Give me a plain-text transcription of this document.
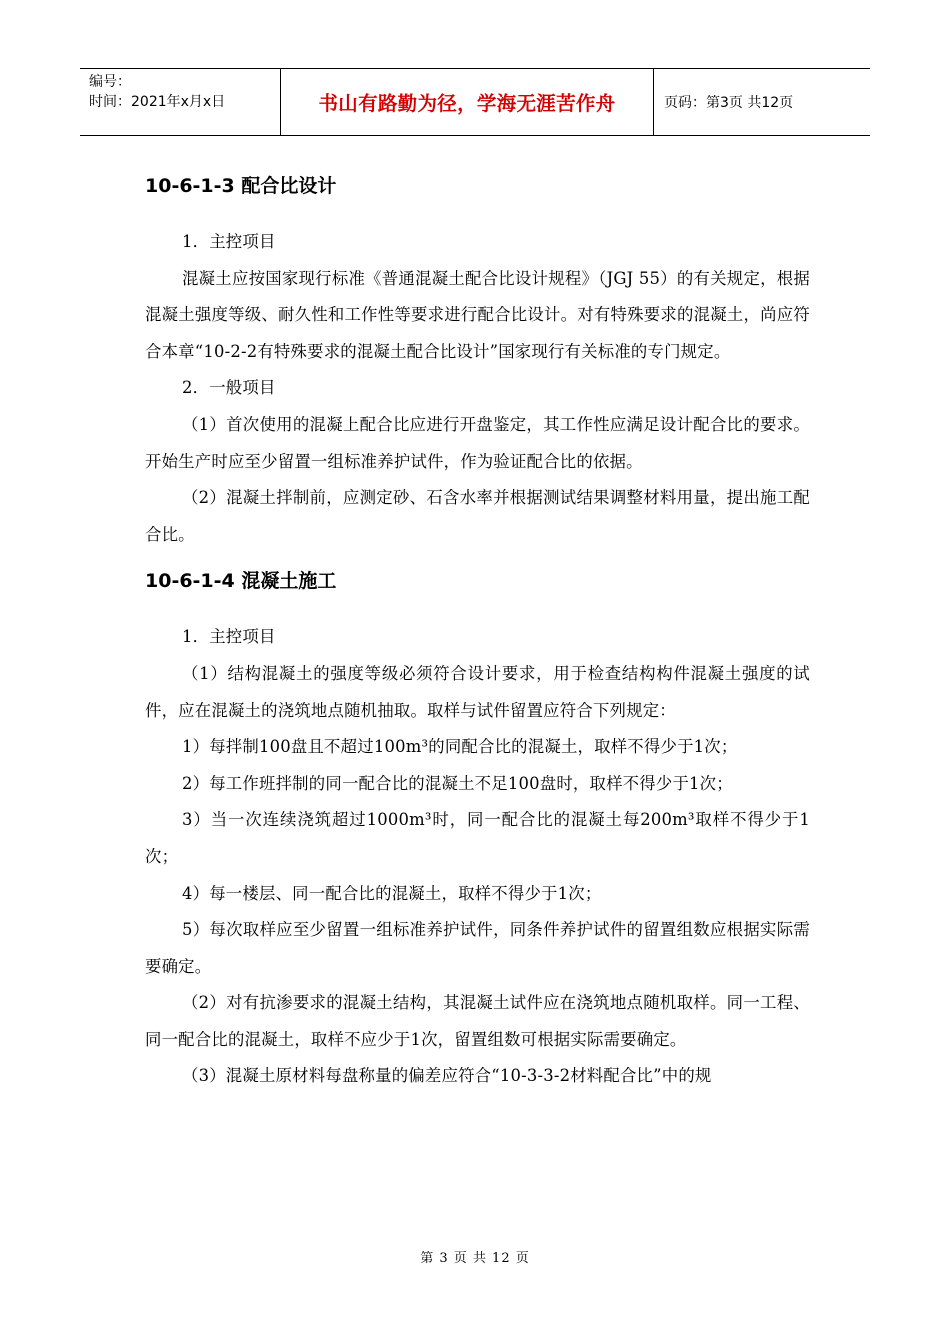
编号：
时间：2021年x月x日	书山有路勤为径，学海无涯苦作舟	页码：第3页 共12页
10-6-1-3 配合比设计

1．主控项目

混凝土应按国家现行标准《普通混凝土配合比设计规程》（JGJ 55）的有关规定，根据混凝土强度等级、耐久性和工作性等要求进行配合比设计。对有特殊要求的混凝土，尚应符合本章“10-2-2有特殊要求的混凝土配合比设计”国家现行有关标准的专门规定。

2．一般项目

（1）首次使用的混凝上配合比应进行开盘鉴定，其工作性应满足设计配合比的要求。开始生产时应至少留置一组标准养护试件，作为验证配合比的依据。

（2）混凝土拌制前，应测定砂、石含水率并根据测试结果调整材料用量，提出施工配合比。

10-6-1-4 混凝土施工

1．主控项目

（1）结构混凝土的强度等级必须符合设计要求，用于检查结构构件混凝土强度的试件，应在混凝土的浇筑地点随机抽取。取样与试件留置应符合下列规定：

1）每拌制100盘且不超过100m³的同配合比的混凝土，取样不得少于1次；

2）每工作班拌制的同一配合比的混凝土不足100盘时，取样不得少于1次；

3）当一次连续浇筑超过1000m³时，同一配合比的混凝土每200m³取样不得少于1次；

4）每一楼层、同一配合比的混凝土，取样不得少于1次；

5）每次取样应至少留置一组标准养护试件，同条件养护试件的留置组数应根据实际需要确定。

（2）对有抗渗要求的混凝土结构，其混凝土试件应在浇筑地点随机取样。同一工程、同一配合比的混凝土，取样不应少于1次，留置组数可根据实际需要确定。

（3）混凝土原材料每盘称量的偏差应符合“10-3-3-2材料配合比”中的规

第 3 页 共 12 页
